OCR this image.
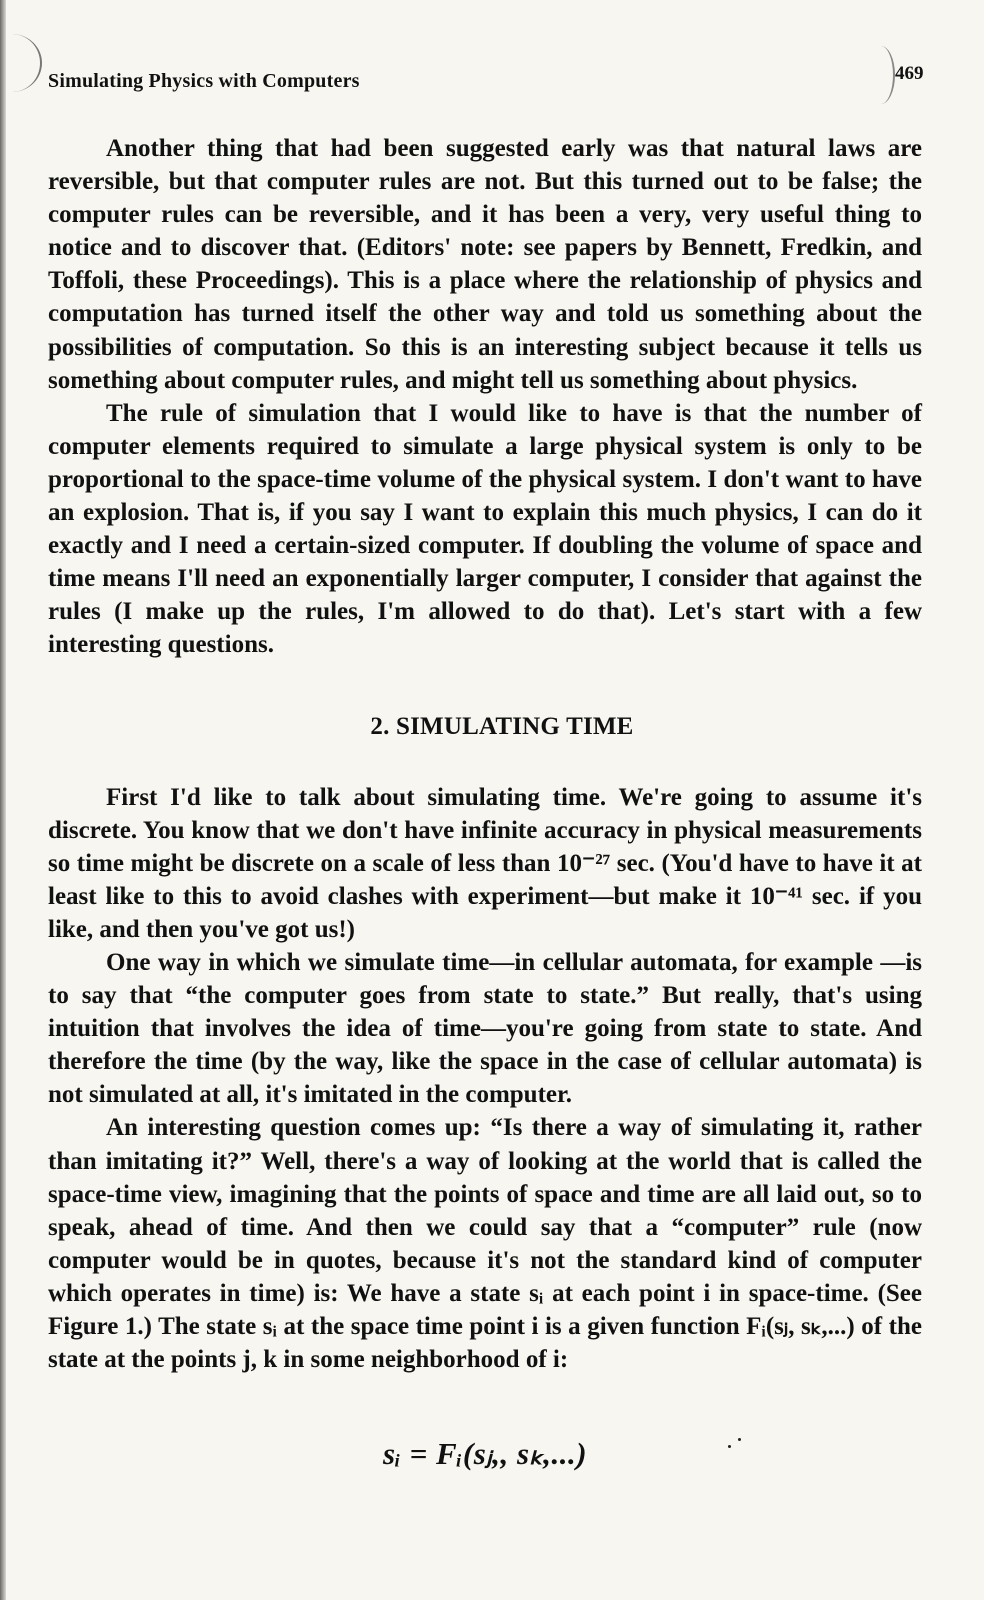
Simulating Physics with Computers	469

Another thing that had been suggested early was that natural laws are reversible, but that computer rules are not. But this turned out to be false; the computer rules can be reversible, and it has been a very, very useful thing to notice and to discover that. (Editors' note: see papers by Bennett, Fredkin, and Toffoli, these Proceedings). This is a place where the relationship of physics and computation has turned itself the other way and told us something about the possibilities of computation. So this is an interesting subject because it tells us something about computer rules, and might tell us something about physics.

The rule of simulation that I would like to have is that the number of computer elements required to simulate a large physical system is only to be proportional to the space-time volume of the physical system. I don't want to have an explosion. That is, if you say I want to explain this much physics, I can do it exactly and I need a certain-sized computer. If doubling the volume of space and time means I'll need an exponentially larger computer, I consider that against the rules (I make up the rules, I'm allowed to do that). Let's start with a few interesting questions.

2. SIMULATING TIME

First I'd like to talk about simulating time. We're going to assume it's discrete. You know that we don't have infinite accuracy in physical measurements so time might be discrete on a scale of less than 10⁻²⁷ sec. (You'd have to have it at least like to this to avoid clashes with experiment—but make it 10⁻⁴¹ sec. if you like, and then you've got us!)

One way in which we simulate time—in cellular automata, for example —is to say that “the computer goes from state to state.” But really, that's using intuition that involves the idea of time—you're going from state to state. And therefore the time (by the way, like the space in the case of cellular automata) is not simulated at all, it's imitated in the computer.

An interesting question comes up: “Is there a way of simulating it, rather than imitating it?” Well, there's a way of looking at the world that is called the space-time view, imagining that the points of space and time are all laid out, so to speak, ahead of time. And then we could say that a “computer” rule (now computer would be in quotes, because it's not the standard kind of computer which operates in time) is: We have a state sᵢ at each point i in space-time. (See Figure 1.) The state sᵢ at the space time point i is a given function Fᵢ(sⱼ, sₖ,...) of the state at the points j, k in some neighborhood of i:

sᵢ = Fᵢ(sⱼ,, sₖ,...)
